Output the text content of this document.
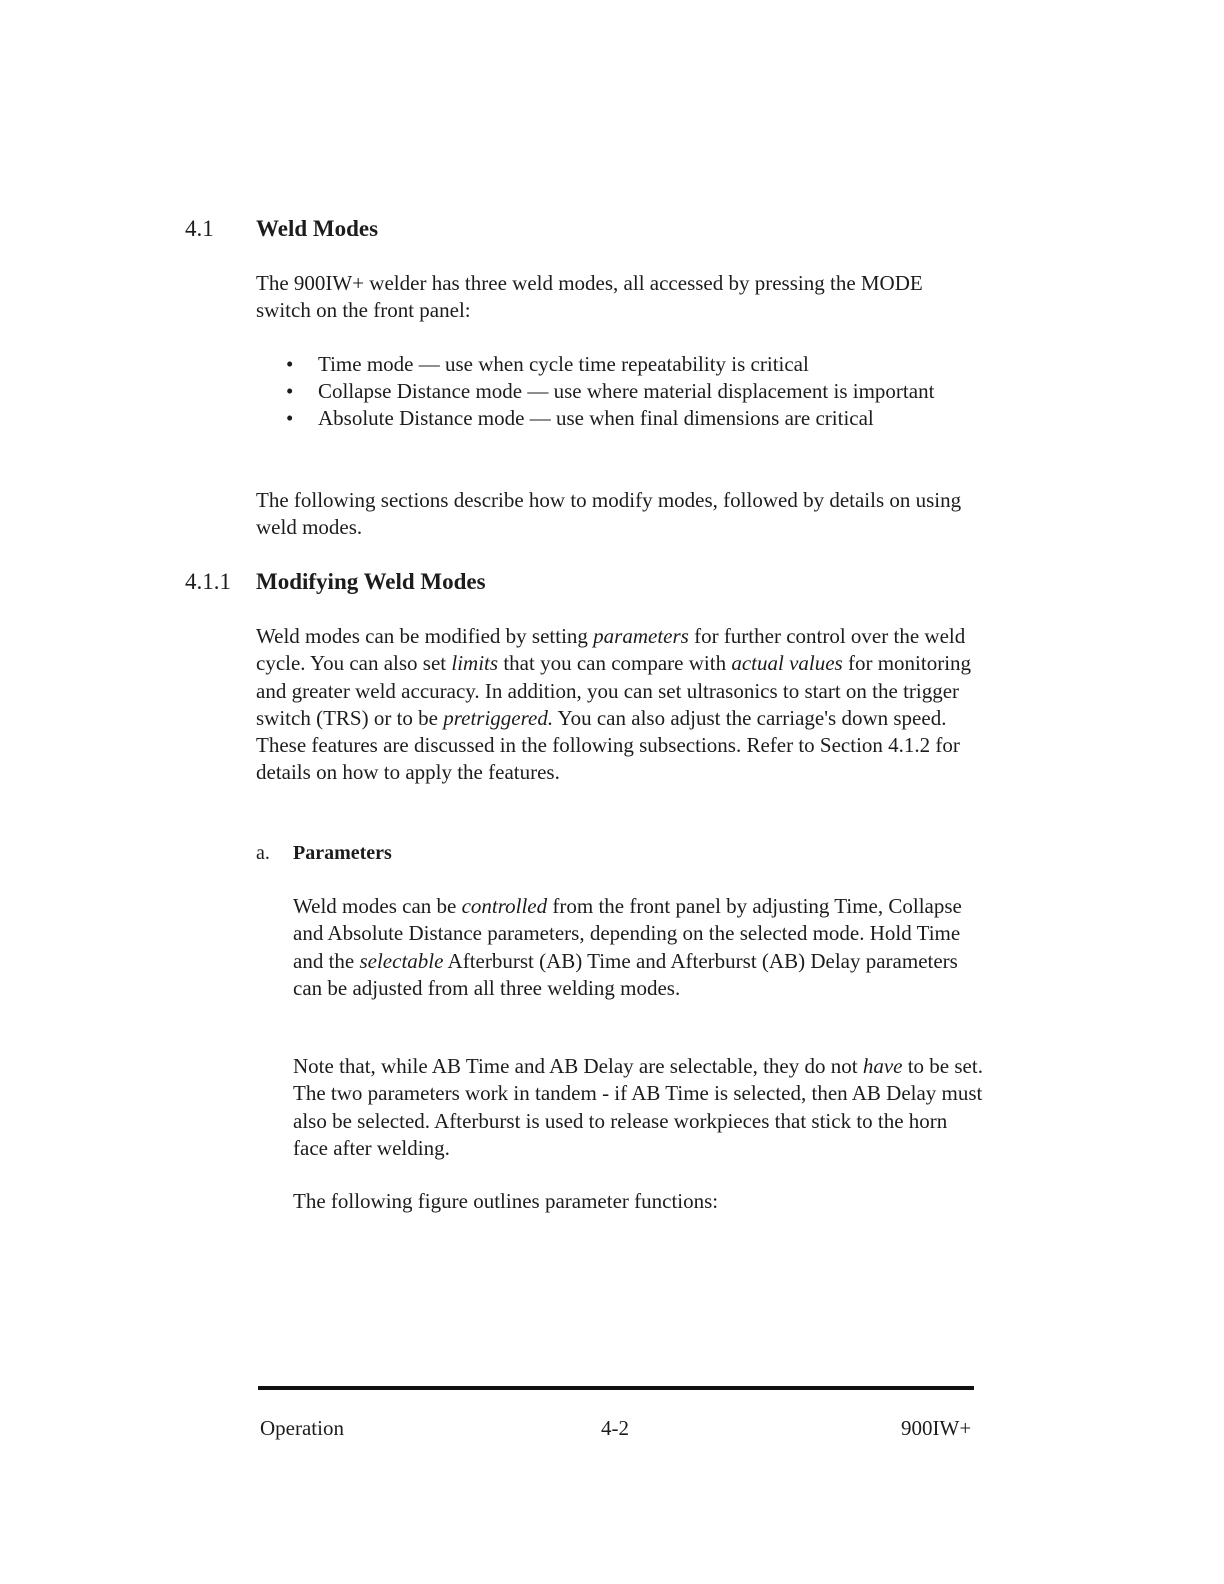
4.1 Weld Modes

The 900IW+ welder has three weld modes, all accessed by pressing the MODE switch on the front panel:

• Time mode — use when cycle time repeatability is critical
• Collapse Distance mode — use where material displacement is important
• Absolute Distance mode — use when final dimensions are critical

The following sections describe how to modify modes, followed by details on using weld modes.

4.1.1 Modifying Weld Modes

Weld modes can be modified by setting parameters for further control over the weld cycle. You can also set limits that you can compare with actual values for monitoring and greater weld accuracy. In addition, you can set ultrasonics to start on the trigger switch (TRS) or to be pretriggered. You can also adjust the carriage's down speed. These features are discussed in the following subsections. Refer to Section 4.1.2 for details on how to apply the features.

a. Parameters

Weld modes can be controlled from the front panel by adjusting Time, Collapse and Absolute Distance parameters, depending on the selected mode. Hold Time and the selectable Afterburst (AB) Time and Afterburst (AB) Delay parameters can be adjusted from all three welding modes.

Note that, while AB Time and AB Delay are selectable, they do not have to be set. The two parameters work in tandem - if AB Time is selected, then AB Delay must also be selected. Afterburst is used to release workpieces that stick to the horn face after welding.

The following figure outlines parameter functions:

Operation	4-2	900IW+
